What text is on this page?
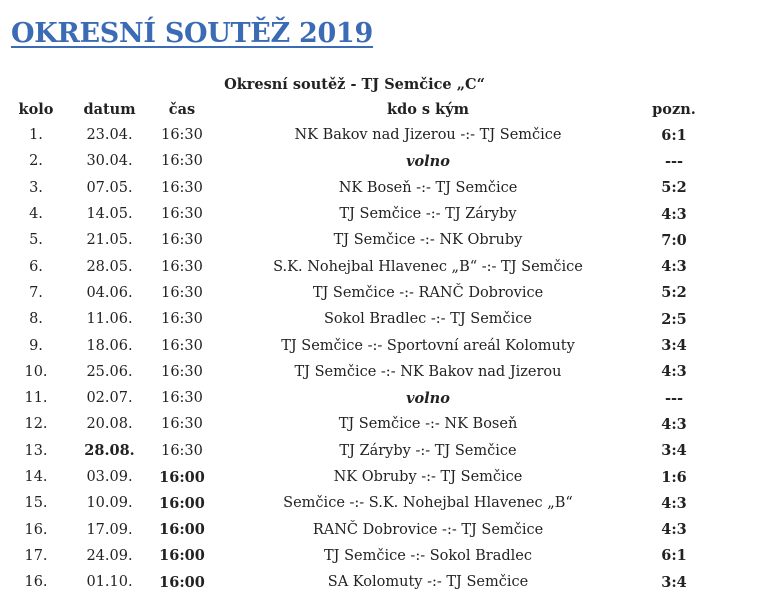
OKRESNÍ SOUTĚŽ 2019
Okresní soutěž - TJ Semčice „C“
kolo	datum	čas	kdo s kým	pozn.
1.	23.04.	16:30	NK Bakov nad Jizerou -:- TJ Semčice	6:1
2.	30.04.	16:30	volno	---
3.	07.05.	16:30	NK Boseň -:- TJ Semčice	5:2
4.	14.05.	16:30	TJ Semčice -:- TJ Záryby	4:3
5.	21.05.	16:30	TJ Semčice -:- NK Obruby	7:0
6.	28.05.	16:30	S.K. Nohejbal Hlavenec „B“ -:- TJ Semčice	4:3
7.	04.06.	16:30	TJ Semčice -:- RANČ Dobrovice	5:2
8.	11.06.	16:30	Sokol Bradlec -:- TJ Semčice	2:5
9.	18.06.	16:30	TJ Semčice -:- Sportovní areál Kolomuty	3:4
10.	25.06.	16:30	TJ Semčice -:- NK Bakov nad Jizerou	4:3
11.	02.07.	16:30	volno	---
12.	20.08.	16:30	TJ Semčice -:- NK Boseň	4:3
13.	28.08.	16:30	TJ Záryby -:- TJ Semčice	3:4
14.	03.09.	16:00	NK Obruby -:- TJ Semčice	1:6
15.	10.09.	16:00	Semčice -:- S.K. Nohejbal Hlavenec „B“	4:3
16.	17.09.	16:00	RANČ Dobrovice -:- TJ Semčice	4:3
17.	24.09.	16:00	TJ Semčice -:- Sokol Bradlec	6:1
16.	01.10.	16:00	SA Kolomuty -:- TJ Semčice	3:4
